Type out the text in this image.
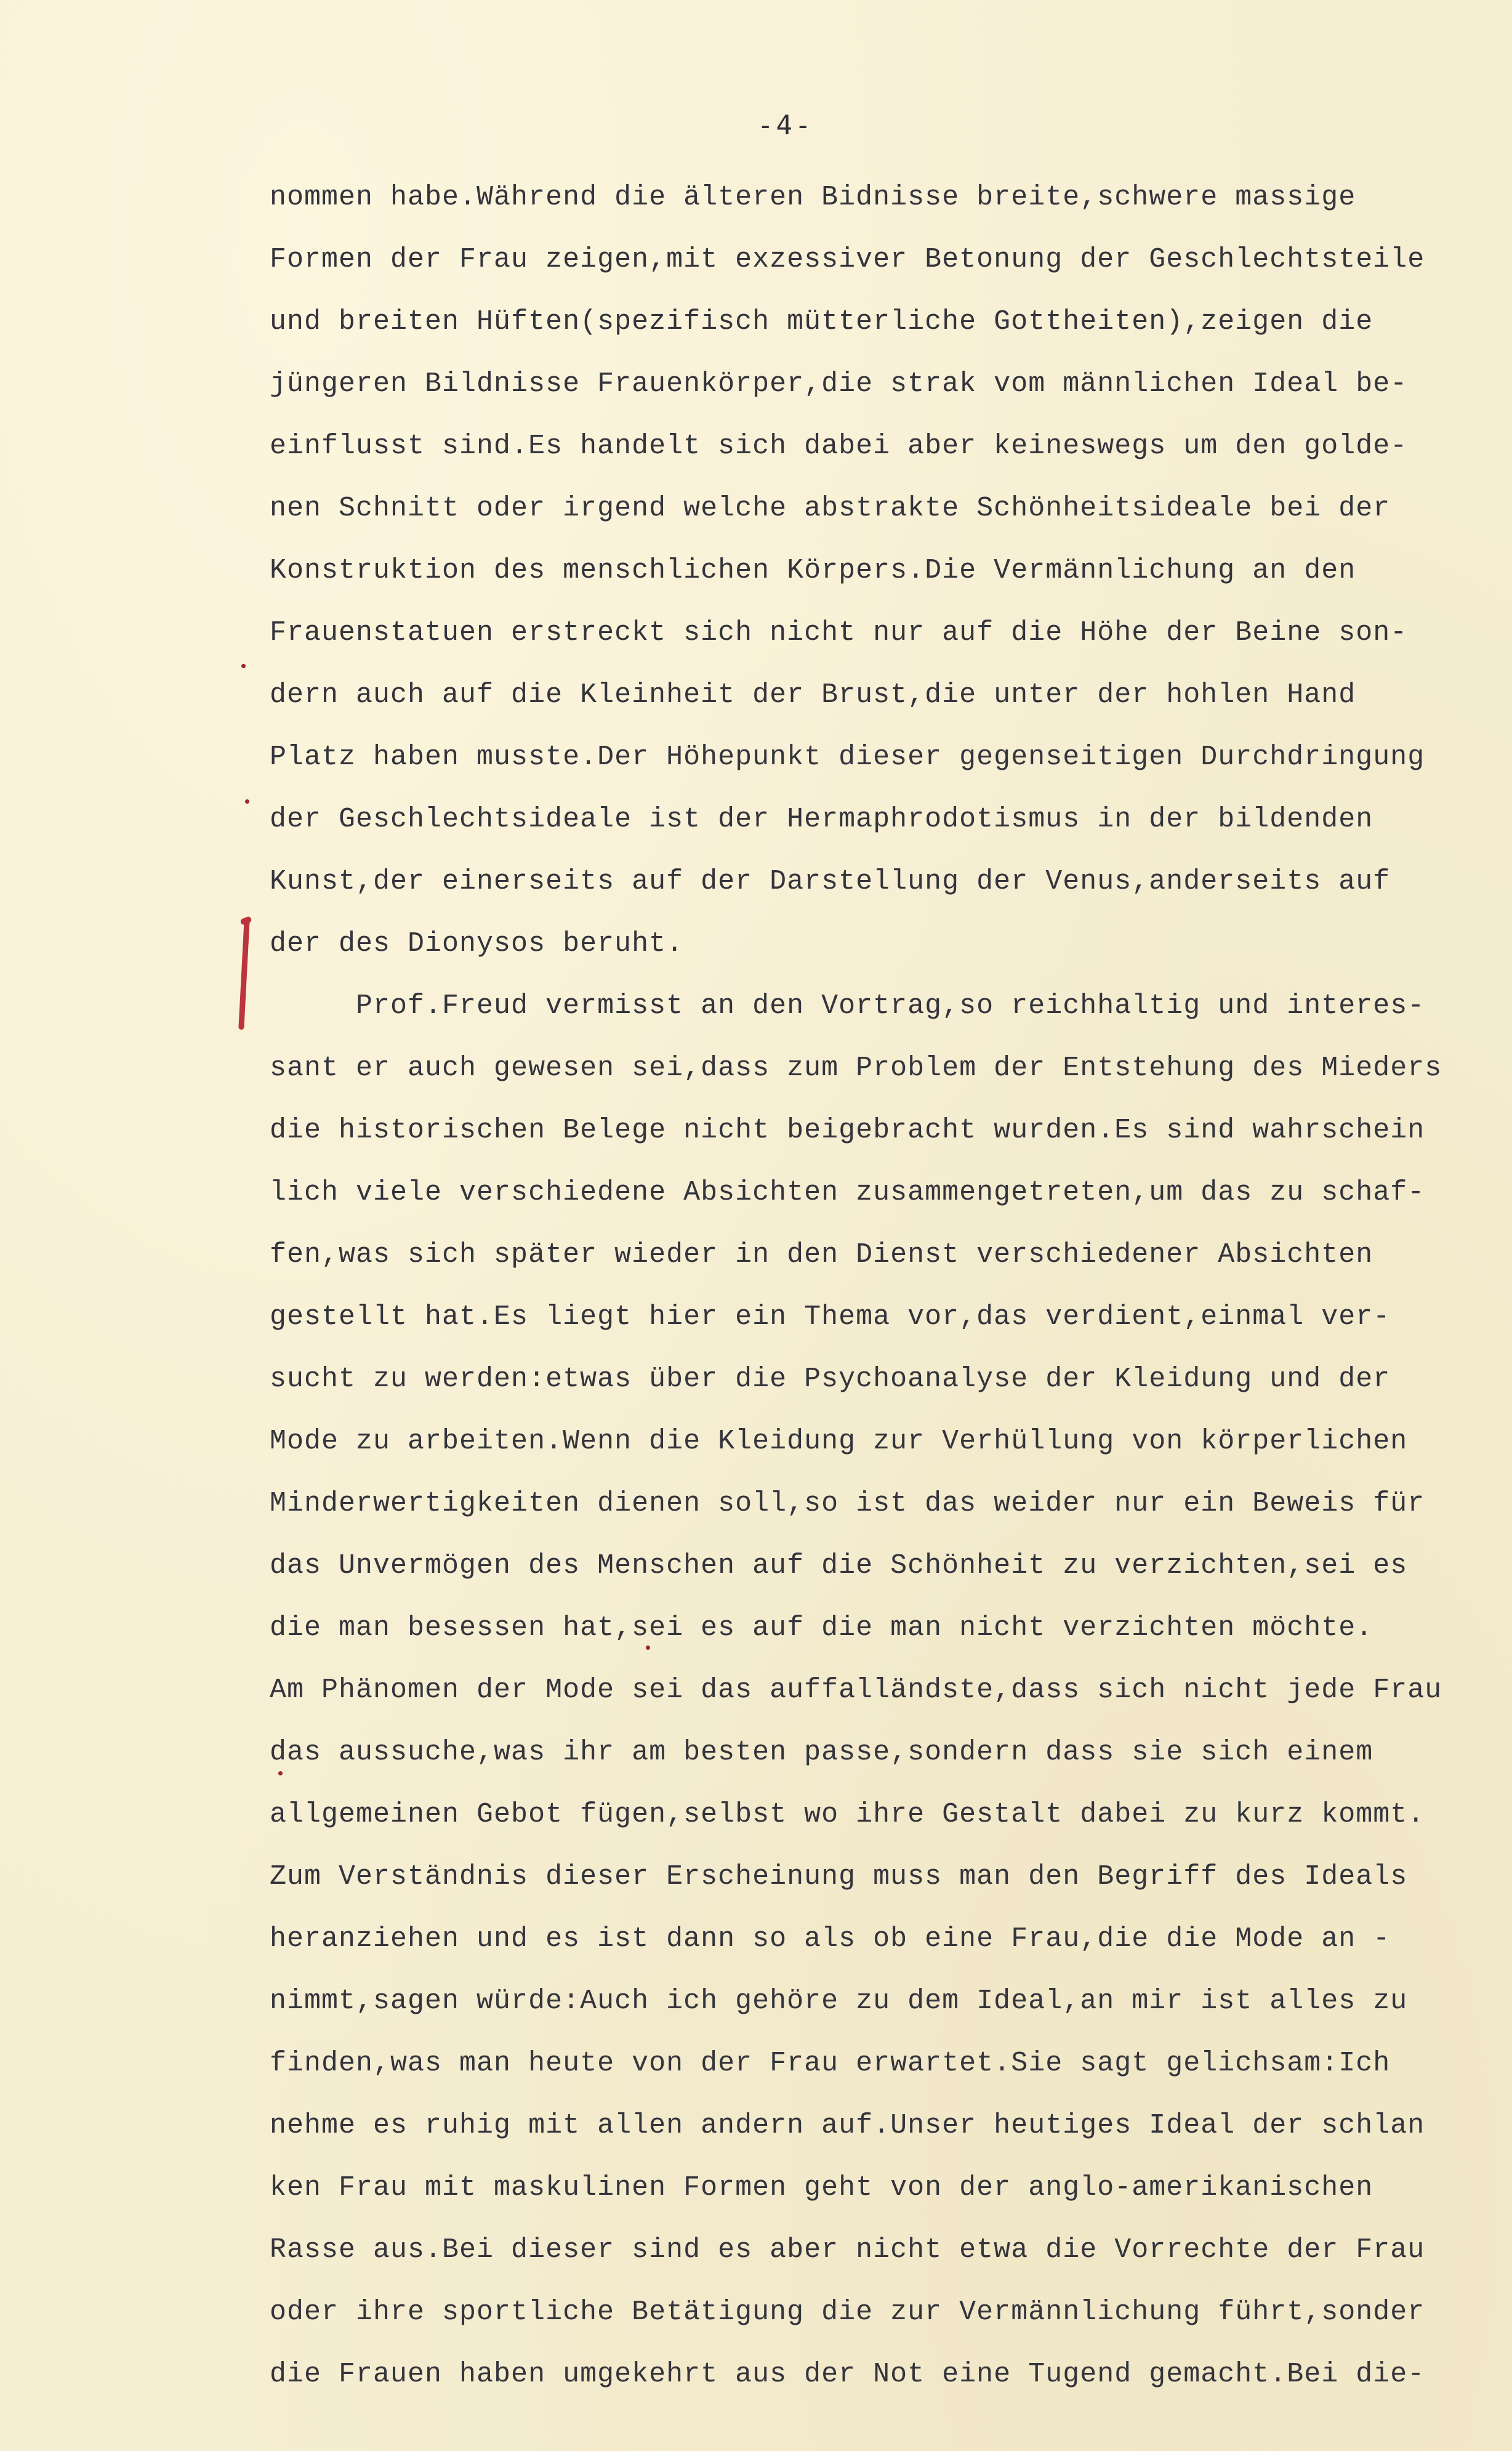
-4-
nommen habe.Während die älteren Bidnisse breite,schwere massige
Formen der Frau zeigen,mit exzessiver Betonung der Geschlechtsteile
und breiten Hüften(spezifisch mütterliche Gottheiten),zeigen die
jüngeren Bildnisse Frauenkörper,die strak vom männlichen Ideal be-
einflusst sind.Es handelt sich dabei aber keineswegs um den golde-
nen Schnitt oder irgend welche abstrakte Schönheitsideale bei der
Konstruktion des menschlichen Körpers.Die Vermännlichung an den
Frauenstatuen erstreckt sich nicht nur auf die Höhe der Beine son-
dern auch auf die Kleinheit der Brust,die unter der hohlen Hand
Platz haben musste.Der Höhepunkt dieser gegenseitigen Durchdringung
der Geschlechtsideale ist der Hermaphrodotismus in der bildenden
Kunst,der einerseits auf der Darstellung der Venus,anderseits auf
der des Dionysos beruht.
Prof.Freud vermisst an den Vortrag,so reichhaltig und interes-
sant er auch gewesen sei,dass zum Problem der Entstehung des Mieders
die historischen Belege nicht beigebracht wurden.Es sind wahrschein
lich viele verschiedene Absichten zusammengetreten,um das zu schaf-
fen,was sich später wieder in den Dienst verschiedener Absichten
gestellt hat.Es liegt hier ein Thema vor,das verdient,einmal ver-
sucht zu werden:etwas über die Psychoanalyse der Kleidung und der
Mode zu arbeiten.Wenn die Kleidung zur Verhüllung von körperlichen
Minderwertigkeiten dienen soll,so ist das weider nur ein Beweis für
das Unvermögen des Menschen auf die Schönheit zu verzichten,sei es
die man besessen hat,sei es auf die man nicht verzichten möchte.
Am Phänomen der Mode sei das auffalländste,dass sich nicht jede Frau
das aussuche,was ihr am besten passe,sondern dass sie sich einem
allgemeinen Gebot fügen,selbst wo ihre Gestalt dabei zu kurz kommt.
Zum Verständnis dieser Erscheinung muss man den Begriff des Ideals
heranziehen und es ist dann so als ob eine Frau,die die Mode an -
nimmt,sagen würde:Auch ich gehöre zu dem Ideal,an mir ist alles zu
finden,was man heute von der Frau erwartet.Sie sagt gelichsam:Ich
nehme es ruhig mit allen andern auf.Unser heutiges Ideal der schlan
ken Frau mit maskulinen Formen geht von der anglo-amerikanischen
Rasse aus.Bei dieser sind es aber nicht etwa die Vorrechte der Frau
oder ihre sportliche Betätigung die zur Vermännlichung führt,sonder
die Frauen haben umgekehrt aus der Not eine Tugend gemacht.Bei die-
